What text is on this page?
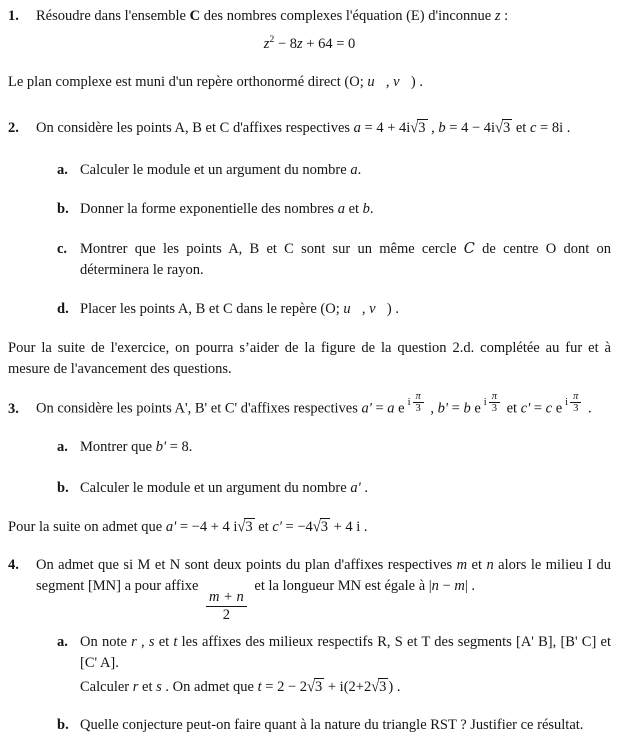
1.	Résoudre dans l'ensemble C des nombres complexes l'équation (E) d'inconnue z :
$z^2 - 8z + 64 = 0$
Le plan complexe est muni d'un repère orthonormé direct (O; u⃗, v⃗) .
2.	On considère les points A, B et C d'affixes respectives a = 4 + 4i√3 , b = 4 − 4i√3 et c = 8i .
a. Calculer le module et un argument du nombre a.
b. Donner la forme exponentielle des nombres a et b.
c. Montrer que les points A, B et C sont sur un même cercle C de centre O dont on déterminera le rayon.
d. Placer les points A, B et C dans le repère (O; u⃗, v⃗) .
Pour la suite de l'exercice, on pourra s’aider de la figure de la question 2.d. complétée au fur et à mesure de l'avancement des questions.
3.	On considère les points A', B' et C' d'affixes respectives a' = a e i $\frac{\pi}{3}$ , b' = b e i $\frac{\pi}{3}$ et c' = c e i $\frac{\pi}{3}$ .
a. Montrer que b' = 8.
b. Calculer le module et un argument du nombre a' .
Pour la suite on admet que a' = −4 + 4 i√3 et c' = −4√3 + 4 i .
4.	On admet que si M et N sont deux points du plan d'affixes respectives m et n alors le milieu I du segment [MN] a pour affixe
$\frac{m + n}{2}$
et la longueur MN est égale à |n − m| .
a. On note r , s et t les affixes des milieux respectifs R, S et T des segments [A' B], [B' C] et [C' A].
Calculer r et s . On admet que t = 2 − 2√3 + i(2+2√3 ) .
b. Quelle conjecture peut-on faire quant à la nature du triangle RST ? Justifier ce résultat.
